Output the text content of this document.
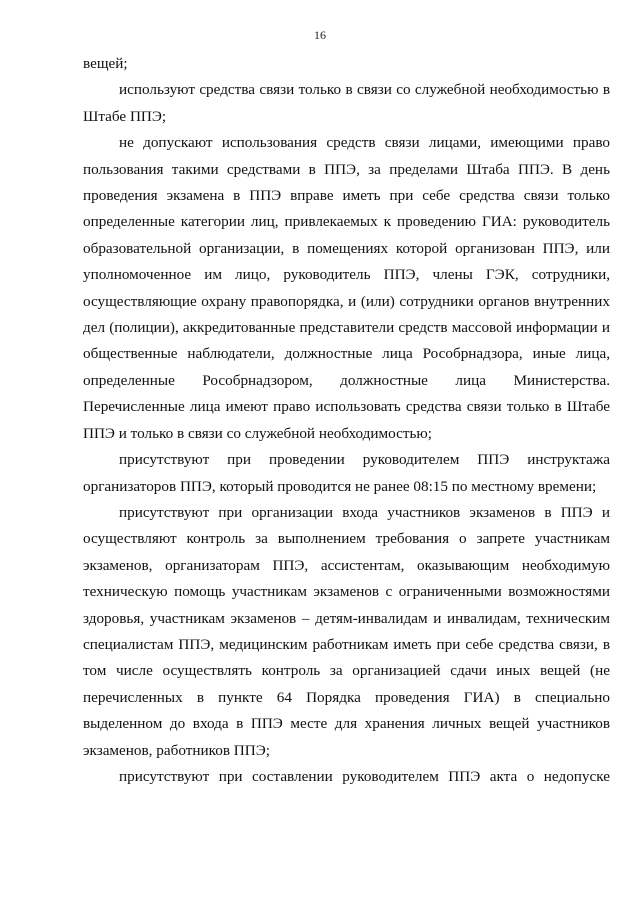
16

вещей;

используют средства связи только в связи со служебной необходимостью в Штабе ППЭ;

не допускают использования средств связи лицами, имеющими право пользования такими средствами в ППЭ, за пределами Штаба ППЭ. В день проведения экзамена в ППЭ вправе иметь при себе средства связи только определенные категории лиц, привлекаемых к проведению ГИА: руководитель образовательной организации, в помещениях которой организован ППЭ, или уполномоченное им лицо, руководитель ППЭ, члены ГЭК, сотрудники, осуществляющие охрану правопорядка, и (или) сотрудники органов внутренних дел (полиции), аккредитованные представители средств массовой информации и общественные наблюдатели, должностные лица Рособрнадзора, иные лица, определенные Рособрнадзором, должностные лица Министерства. Перечисленные лица имеют право использовать средства связи только в Штабе ППЭ и только в связи со служебной необходимостью;

присутствуют при проведении руководителем ППЭ инструктажа организаторов ППЭ, который проводится не ранее 08:15 по местному времени;

присутствуют при организации входа участников экзаменов в ППЭ и осуществляют контроль за выполнением требования о запрете участникам экзаменов, организаторам ППЭ, ассистентам, оказывающим необходимую техническую помощь участникам экзаменов с ограниченными возможностями здоровья, участникам экзаменов – детям-инвалидам и инвалидам, техническим специалистам ППЭ, медицинским работникам иметь при себе средства связи, в том числе осуществлять контроль за организацией сдачи иных вещей (не перечисленных в пункте 64 Порядка проведения ГИА) в специально выделенном до входа в ППЭ месте для хранения личных вещей участников экзаменов, работников ППЭ;

присутствуют при составлении руководителем ППЭ акта о недопуске
